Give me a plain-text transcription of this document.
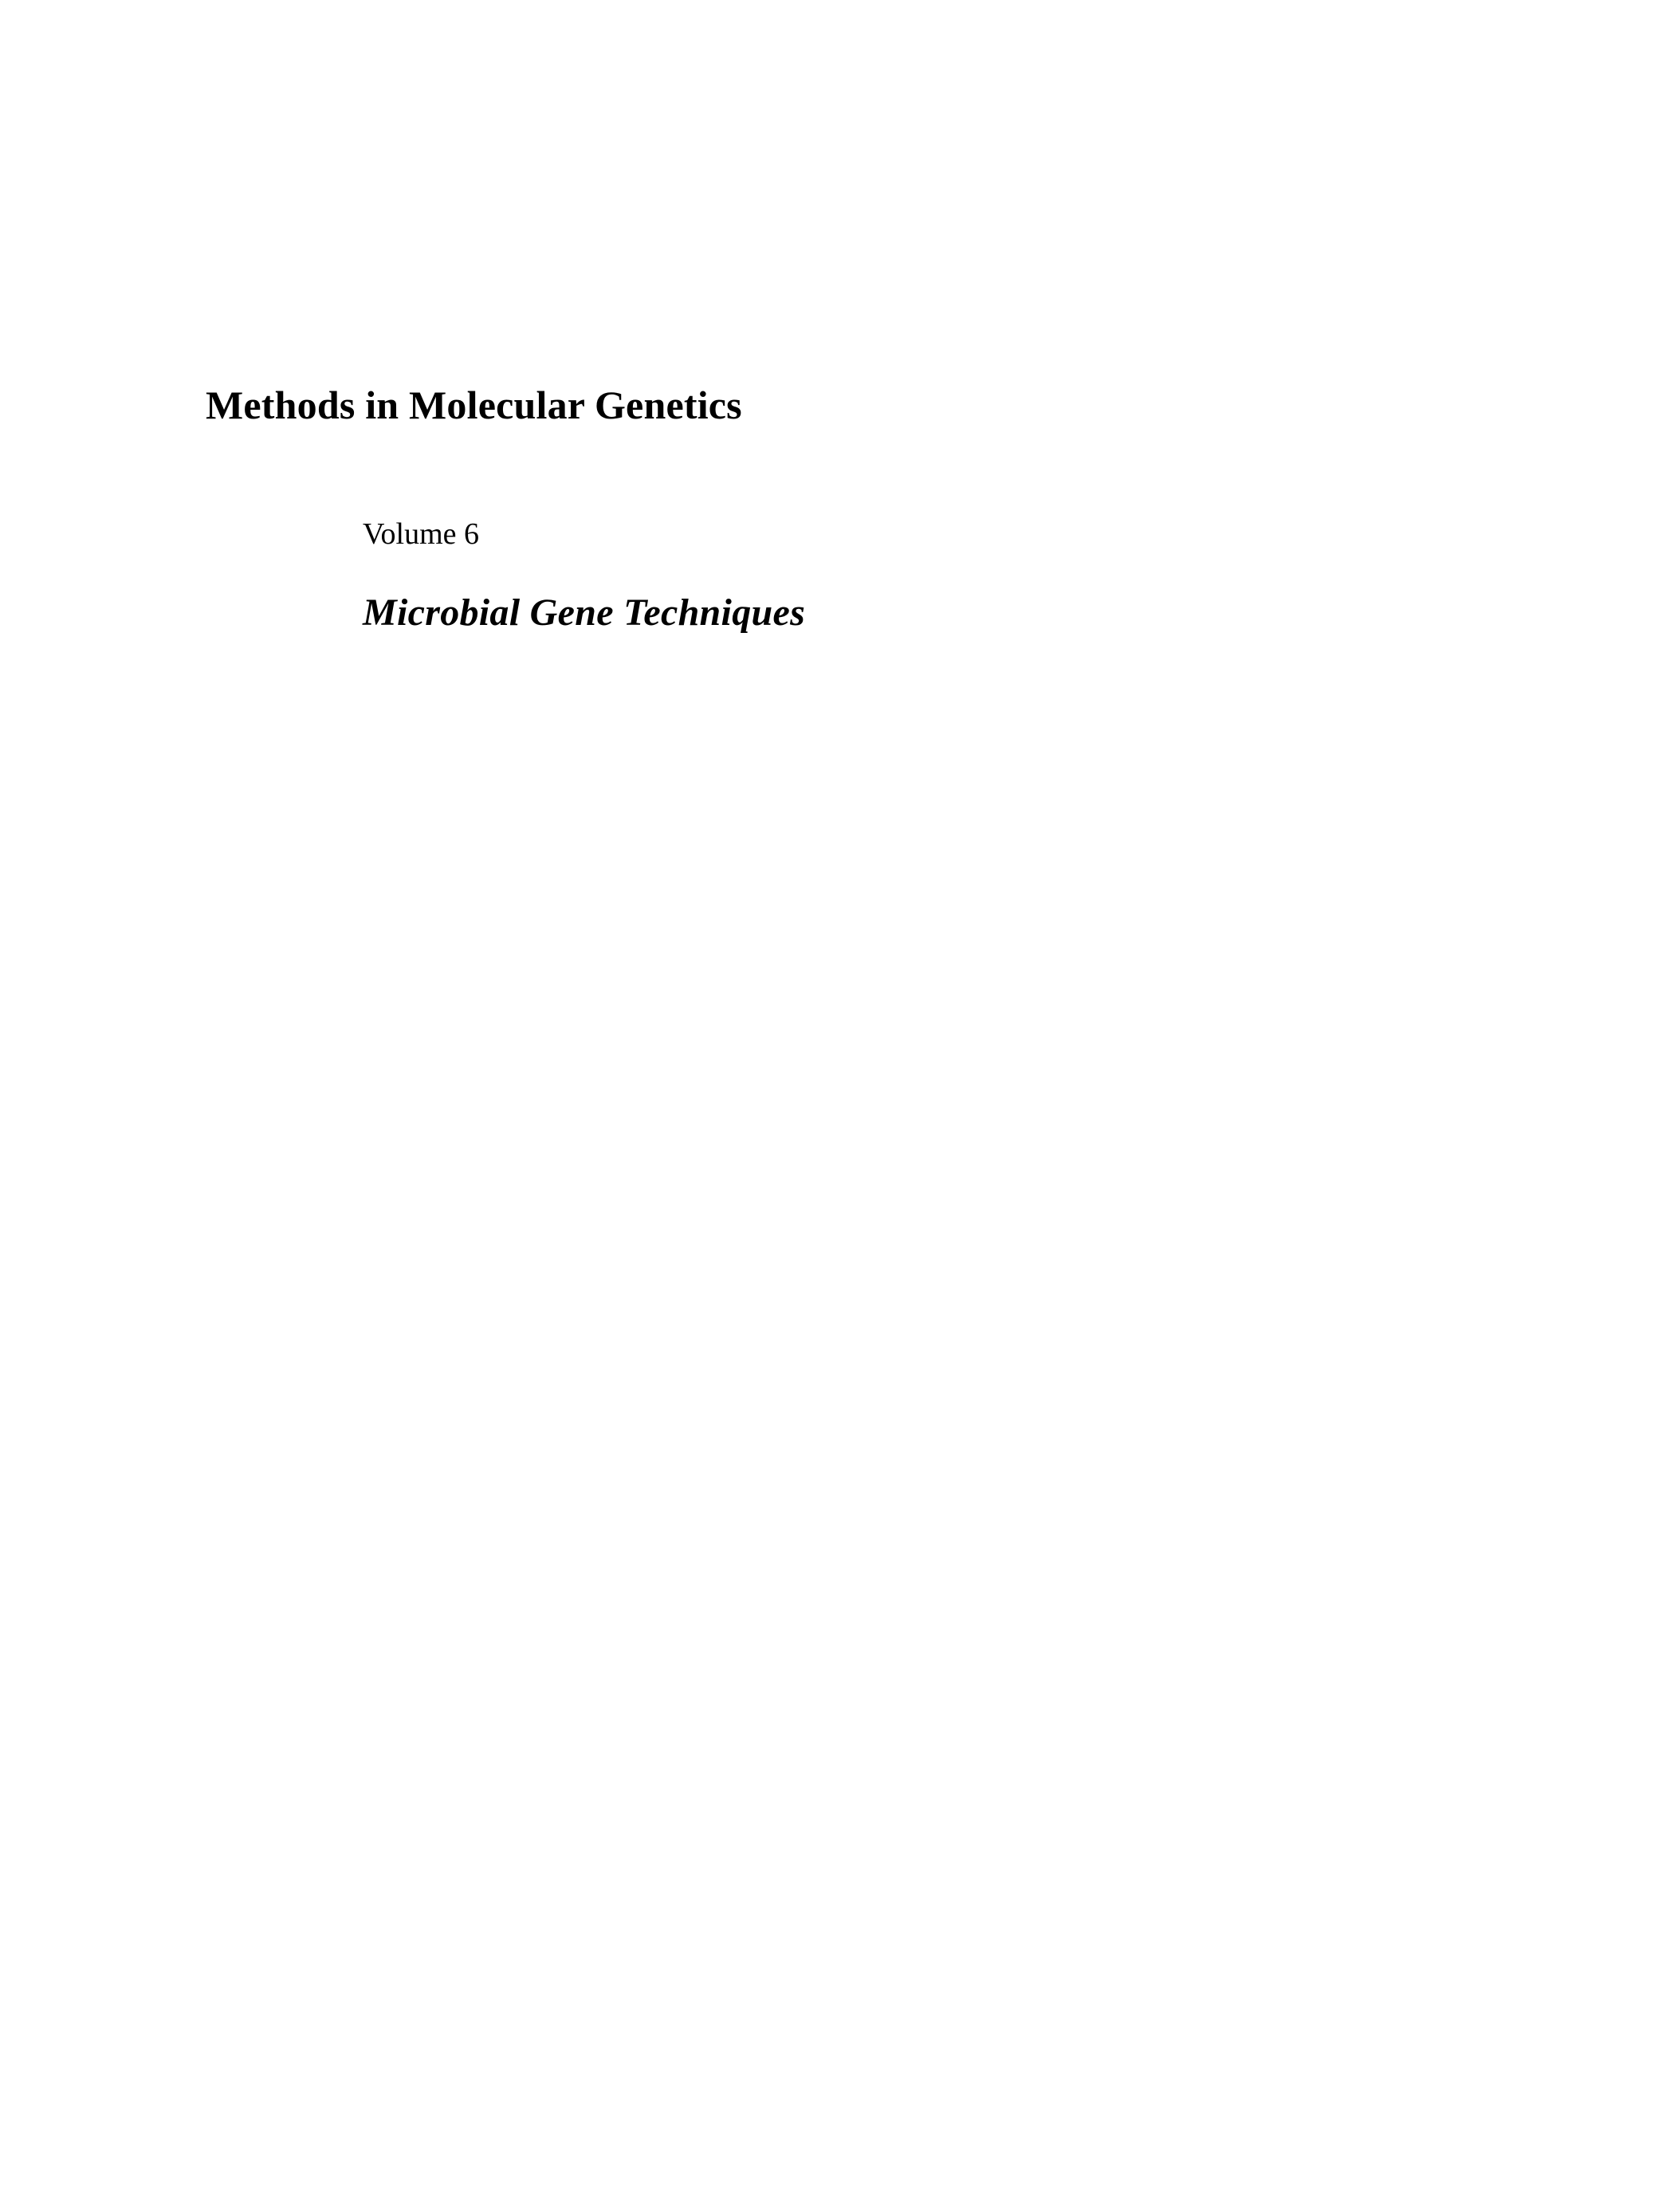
Methods in Molecular Genetics

Volume 6

Microbial Gene Techniques
